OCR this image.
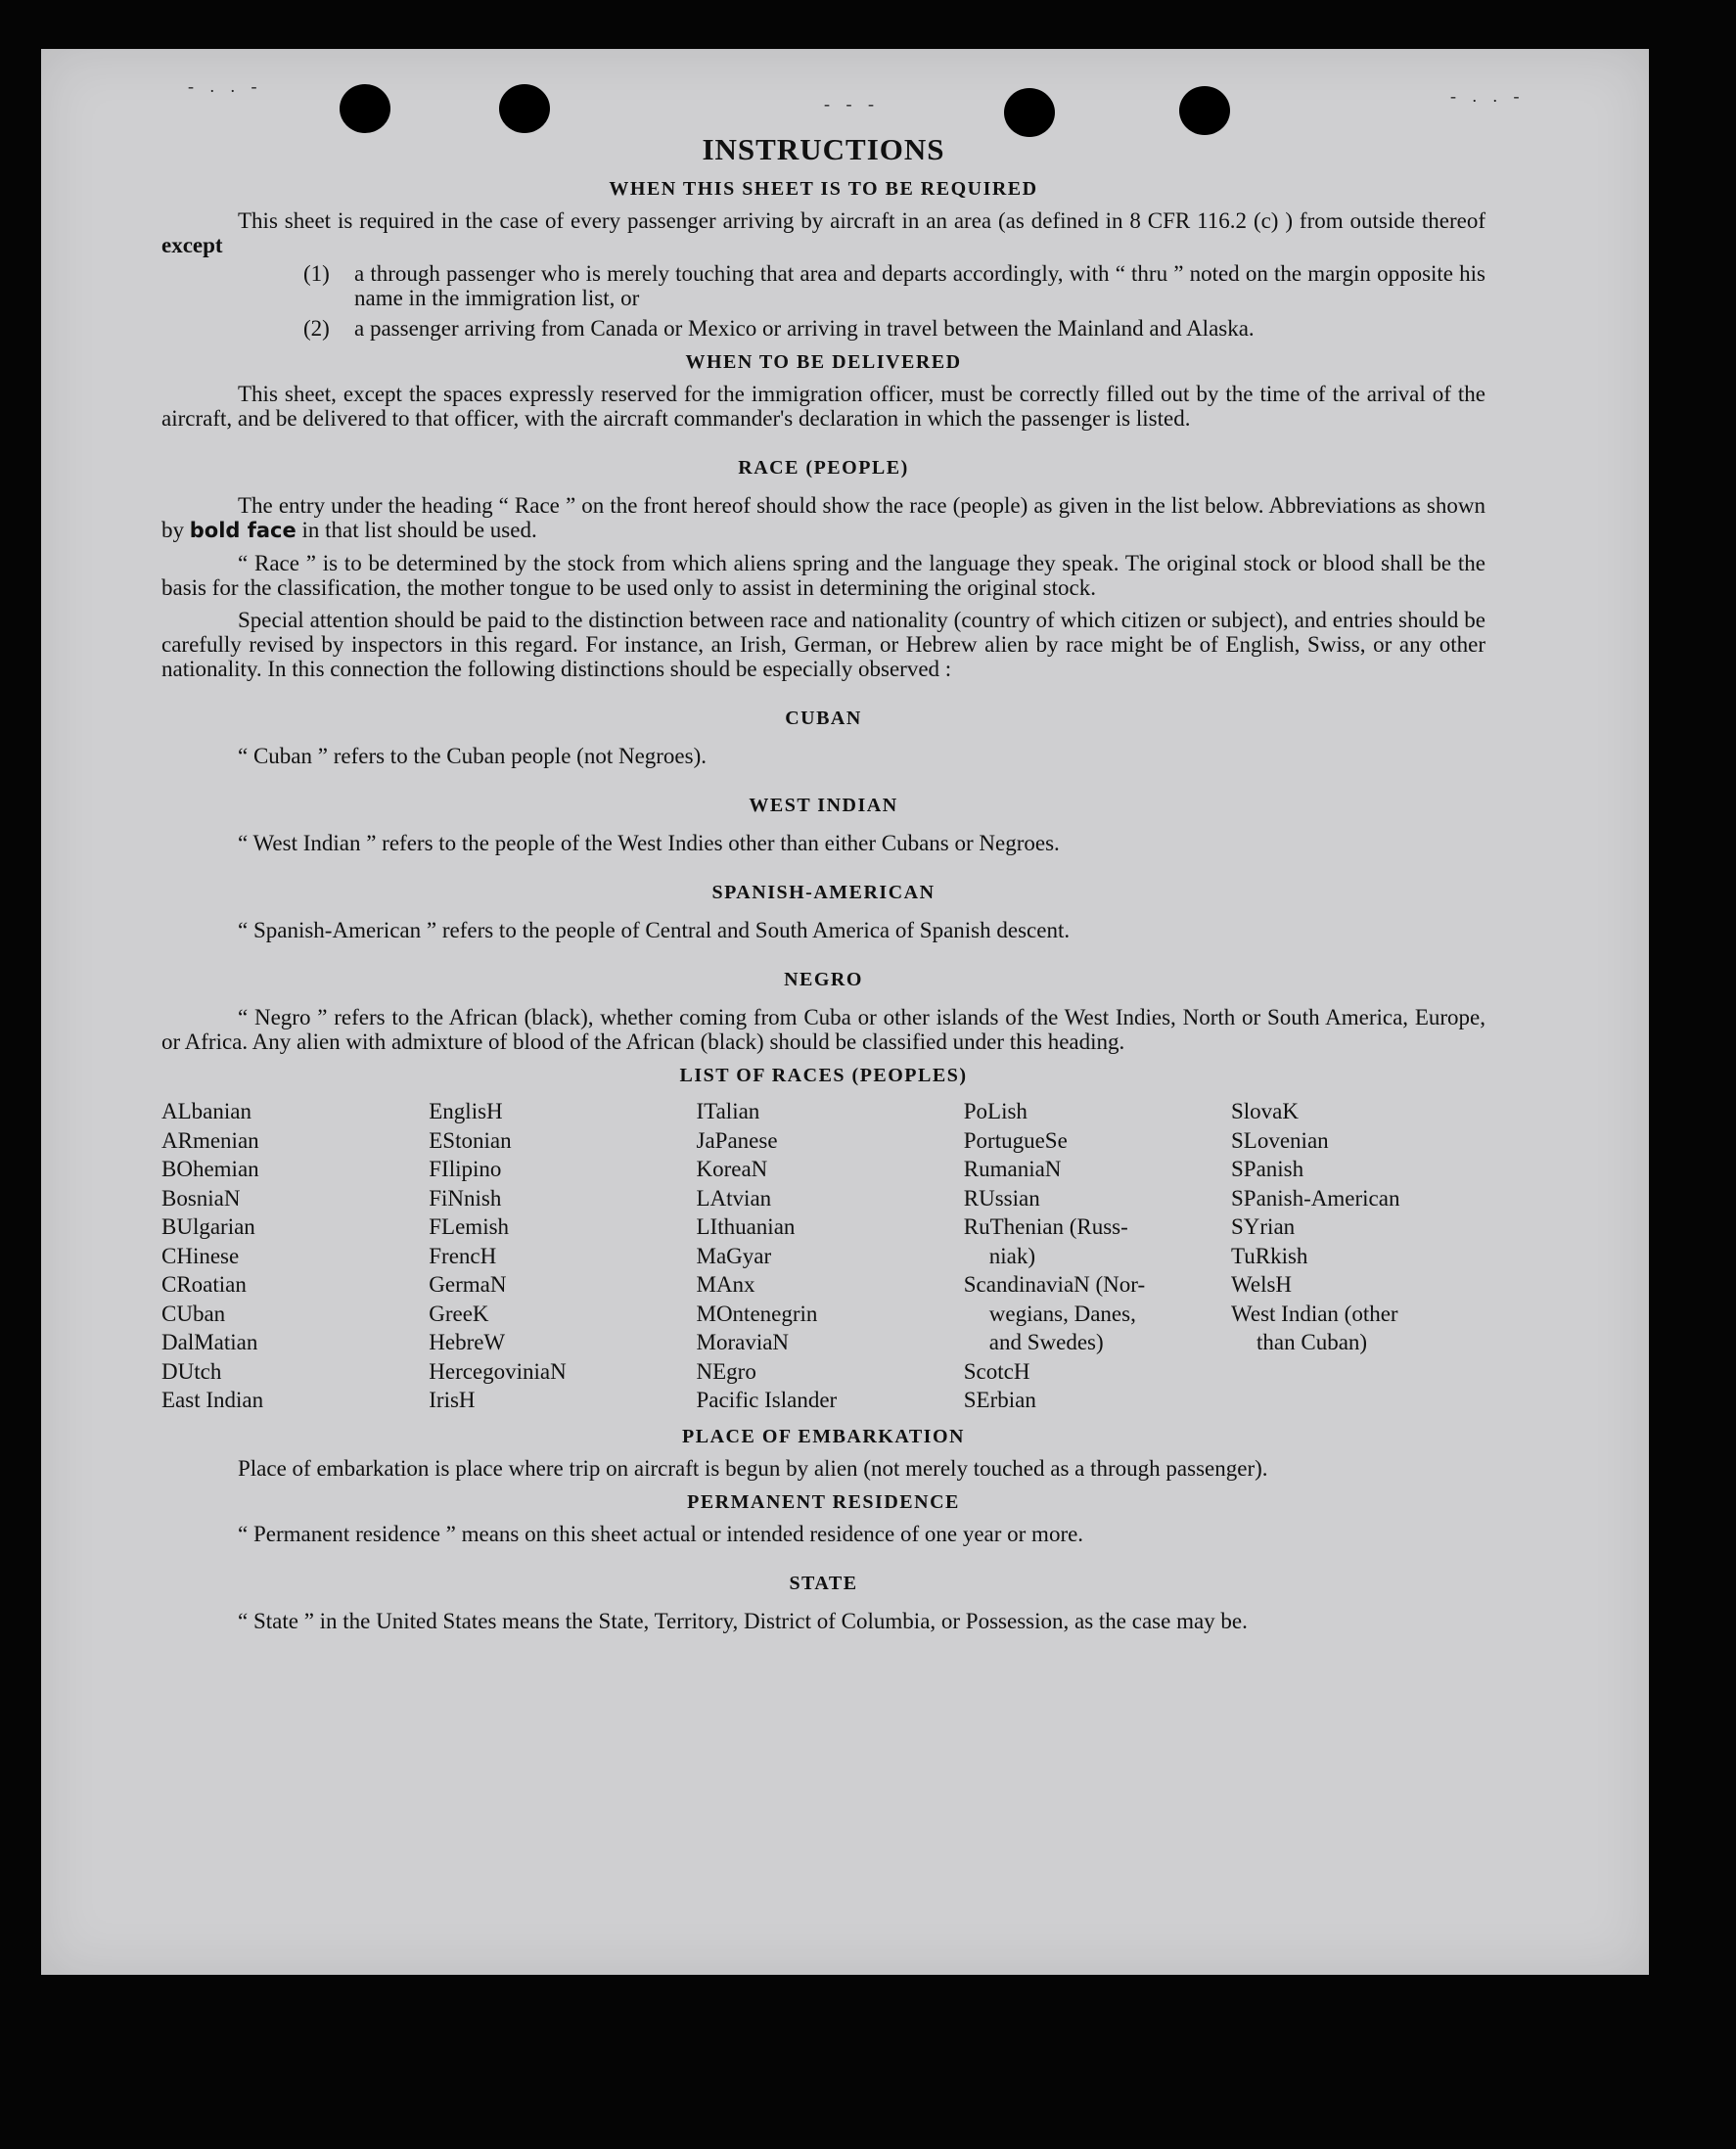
- . . -
- - -	- . . -
INSTRUCTIONS
WHEN THIS SHEET IS TO BE REQUIRED

This sheet is required in the case of every passenger arriving by aircraft in an area (as defined in 8 CFR 116.2 (c) ) from outside thereof except

(1)	a through passenger who is merely touching that area and departs accordingly, with “ thru ” noted on the margin opposite his name in the immigration list, or
(2)	a passenger arriving from Canada or Mexico or arriving in travel between the Mainland and Alaska.
WHEN TO BE DELIVERED

This sheet, except the spaces expressly reserved for the immigration officer, must be correctly filled out by the time of the arrival of the aircraft, and be delivered to that officer, with the aircraft commander's declaration in which the passenger is listed.

RACE (PEOPLE)

The entry under the heading “ Race ” on the front hereof should show the race (people) as given in the list below. Abbreviations as shown by bold face in that list should be used.

“ Race ” is to be determined by the stock from which aliens spring and the language they speak. The original stock or blood shall be the basis for the classification, the mother tongue to be used only to assist in determining the original stock.

Special attention should be paid to the distinction between race and nationality (country of which citizen or subject), and entries should be carefully revised by inspectors in this regard. For instance, an Irish, German, or Hebrew alien by race might be of English, Swiss, or any other nationality. In this connection the following distinctions should be especially observed :

CUBAN

“ Cuban ” refers to the Cuban people (not Negroes).

WEST INDIAN

“ West Indian ” refers to the people of the West Indies other than either Cubans or Negroes.

SPANISH-AMERICAN

“ Spanish-American ” refers to the people of Central and South America of Spanish descent.

NEGRO

“ Negro ” refers to the African (black), whether coming from Cuba or other islands of the West Indies, North or South America, Europe, or Africa. Any alien with admixture of blood of the African (black) should be classified under this heading.

LIST OF RACES (PEOPLES)
ALbanian
ARmenian
BOhemian
BosniaN
BUlgarian
CHinese
CRoatian
CUban
DalMatian
DUtch
East Indian
EnglisH
EStonian
FIlipino
FiNnish
FLemish
FrencH
GermaN
GreeK
HebreW
HercegoviniaN
IrisH
ITalian
JaPanese
KoreaN
LAtvian
LIthuanian
MaGyar
MAnx
MOntenegrin
MoraviaN
NEgro
Pacific Islander
PoLish
PortugueSe
RumaniaN
RUssian
RuThenian (Russ-
niak)
ScandinaviaN (Nor-
wegians, Danes,
and Swedes)
ScotcH
SErbian
SlovaK
SLovenian
SPanish
SPanish-American
SYrian
TuRkish
WelsH
West Indian (other
than Cuban)
PLACE OF EMBARKATION

Place of embarkation is place where trip on aircraft is begun by alien (not merely touched as a through passenger).

PERMANENT RESIDENCE

“ Permanent residence ” means on this sheet actual or intended residence of one year or more.

STATE

“ State ” in the United States means the State, Territory, District of Columbia, or Possession, as the case may be.
